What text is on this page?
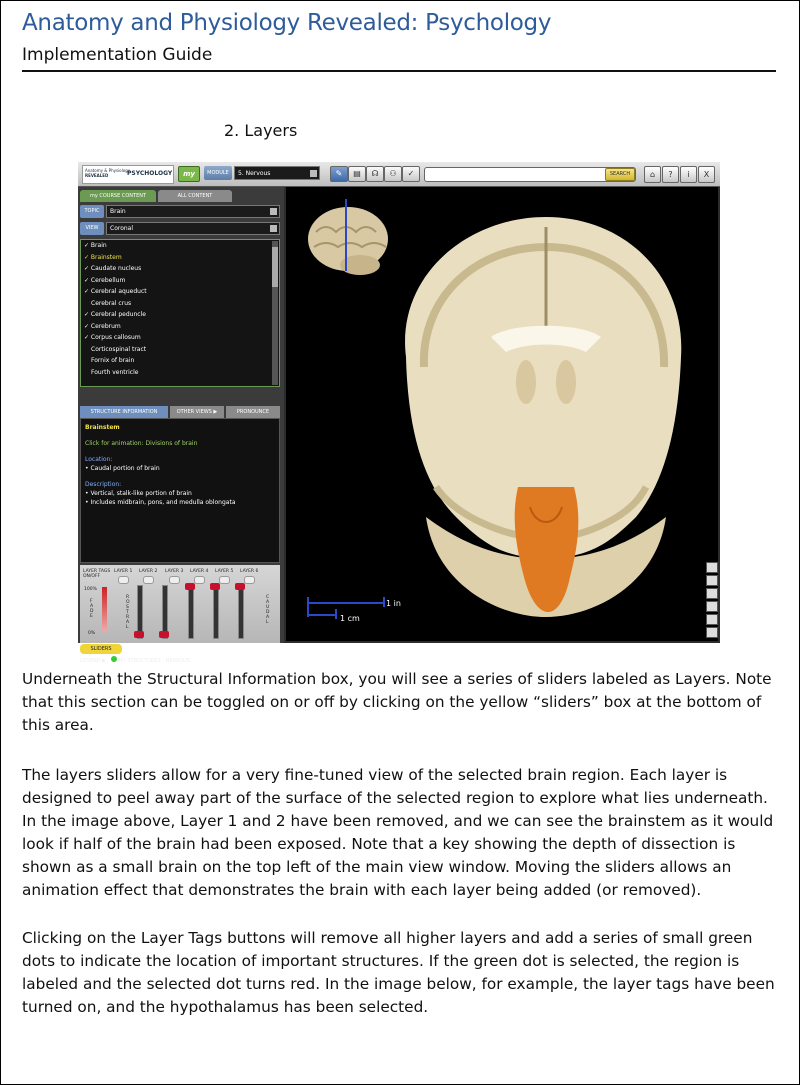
Anatomy and Physiology Revealed: Psychology
Implementation Guide
2. Layers
Anatomy & Physiology
REVEALED	PSYCHOLOGY	my	MODULE	5. Nervous	✎	▤	☊	⚇	✓	SEARCH	⌂	?	i	X
my COURSE CONTENT	ALL CONTENT
TOPIC	Brain
VIEW	Coronal
✓ Brain
✓ Brainstem
✓ Caudate nucleus
✓ Cerebellum
✓ Cerebral aqueduct
Cerebral crus
✓ Cerebral peduncle
✓ Cerebrum
✓ Corpus callosum
Corticospinal tract
Fornix of brain
Fourth ventricle
STRUCTURE INFORMATION	OTHER VIEWS ▶	PRONOUNCE
Brainstem
Click for animation: Divisions of brain
Location:
• Caudal portion of brain
Description:
• Vertical, stalk-like portion of brain
• Includes midbrain, pons, and medulla oblongata
LAYER TAGS ON/OFF
LAYER 1 LAYER 2 LAYER 3 LAYER 4 LAYER 5 LAYER 6
100%
F A D E
0%
R O S T R A L
C A U D A L
SLIDERS
LEGEND ▶ MY STRUCTURES : NERVOUS
1 in
1 cm
Underneath the Structural Information box, you will see a series of sliders labeled as Layers. Note that this section can be toggled on or off by clicking on the yellow “sliders” box at the bottom of this area.
The layers sliders allow for a very fine-tuned view of the selected brain region. Each layer is designed to peel away part of the surface of the selected region to explore what lies underneath. In the image above, Layer 1 and 2 have been removed, and we can see the brainstem as it would look if half of the brain had been exposed. Note that a key showing the depth of dissection is shown as a small brain on the top left of the main view window. Moving the sliders allows an animation effect that demonstrates the brain with each layer being added (or removed).
Clicking on the Layer Tags buttons will remove all higher layers and add a series of small green dots to indicate the location of important structures. If the green dot is selected, the region is labeled and the selected dot turns red. In the image below, for example, the layer tags have been turned on, and the hypothalamus has been selected.
